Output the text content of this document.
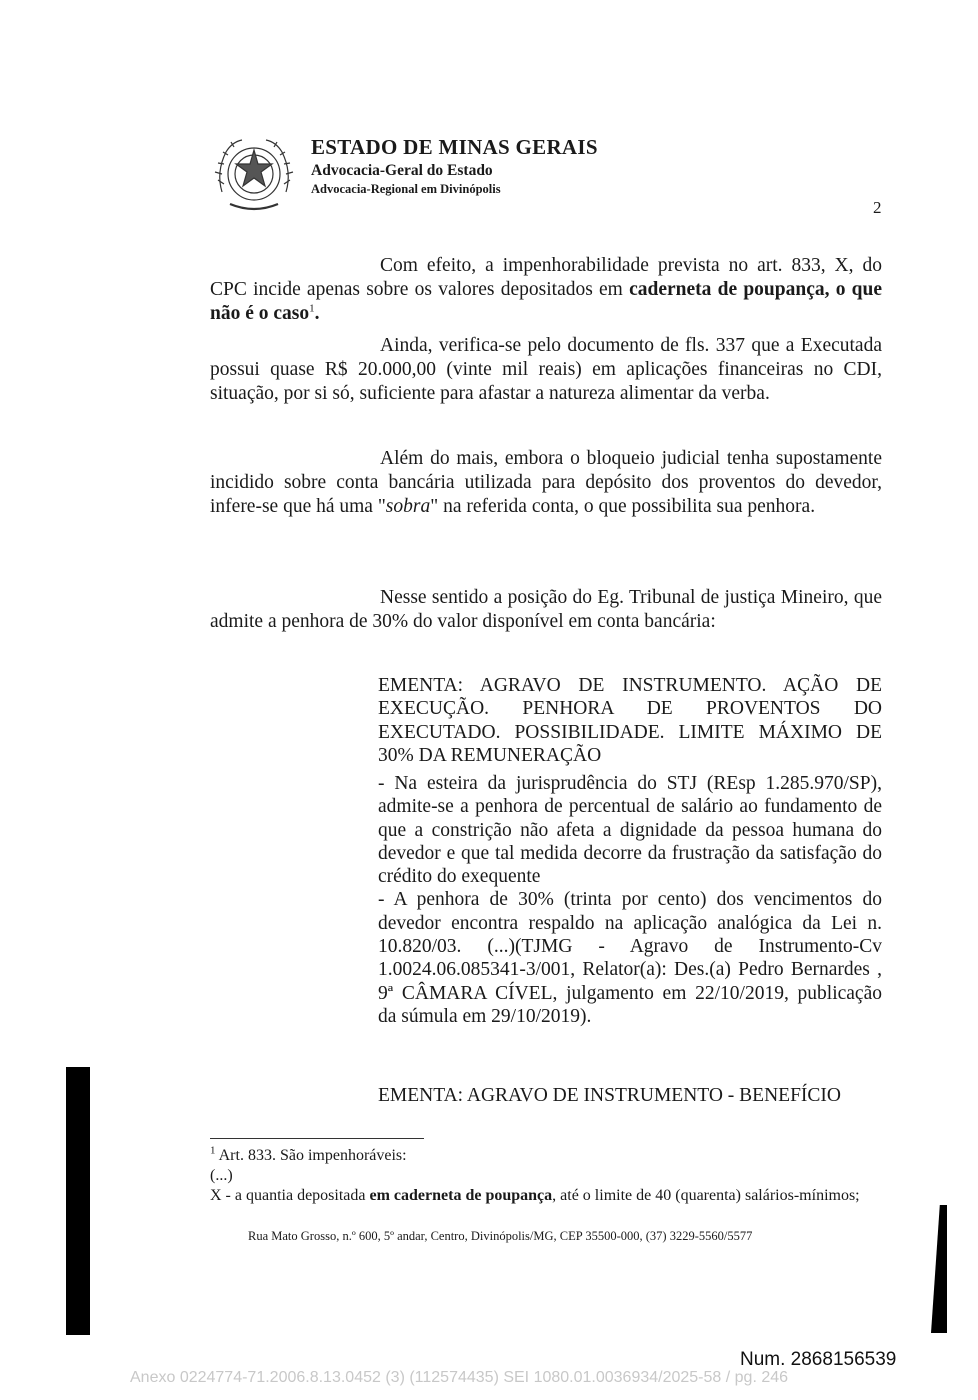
ESTADO DE MINAS GERAIS
Advocacia-Geral do Estado
Advocacia-Regional em Divinópolis
2
Com efeito, a impenhorabilidade prevista no art. 833, X, do CPC incide apenas sobre os valores depositados em caderneta de poupança, o que não é o caso$^1$.
Ainda, verifica-se pelo documento de fls. 337 que a Executada possui quase R$ 20.000,00 (vinte mil reais) em aplicações financeiras no CDI, situação, por si só, suficiente para afastar a natureza alimentar da verba.
Além do mais, embora o bloqueio judicial tenha supostamente incidido sobre conta bancária utilizada para depósito dos proventos do devedor, infere-se que há uma "sobra" na referida conta, o que possibilita sua penhora.
Nesse sentido a posição do Eg. Tribunal de justiça Mineiro, que admite a penhora de 30% do valor disponível em conta bancária:
EMENTA: AGRAVO DE INSTRUMENTO. AÇÃO DE EXECUÇÃO. PENHORA DE PROVENTOS DO EXECUTADO. POSSIBILIDADE. LIMITE MÁXIMO DE 30% DA REMUNERAÇÃO
- Na esteira da jurisprudência do STJ (REsp 1.285.970/SP), admite-se a penhora de percentual de salário ao fundamento de que a constrição não afeta a dignidade da pessoa humana do devedor e que tal medida decorre da frustração da satisfação do crédito do exequentе
- A penhora de 30% (trinta por cento) dos vencimentos do devedor encontra respaldo na aplicação analógica da Lei n. 10.820/03. (...)(TJMG - Agravo de Instrumento-Cv 1.0024.06.085341-3/001, Relator(a): Des.(a) Pedro Bernardes , 9ª CÂMARA CÍVEL, julgamento em 22/10/2019, publicação da súmula em 29/10/2019).
EMENTA: AGRAVO DE INSTRUMENTO - BENEFÍCIO
$^1$ Art. 833. São impenhoráveis:
(...)
X - a quantia depositada em caderneta de poupança, até o limite de 40 (quarenta) salários-mínimos;
Rua Mato Grosso, n.º 600, 5º andar, Centro, Divinópolis/MG, CEP 35500-000, (37) 3229-5560/5577
Num. 2868156539
Anexo 0224774-71.2006.8.13.0452 (3) (112574435) SEI 1080.01.0036934/2025-58 / pg. 246
